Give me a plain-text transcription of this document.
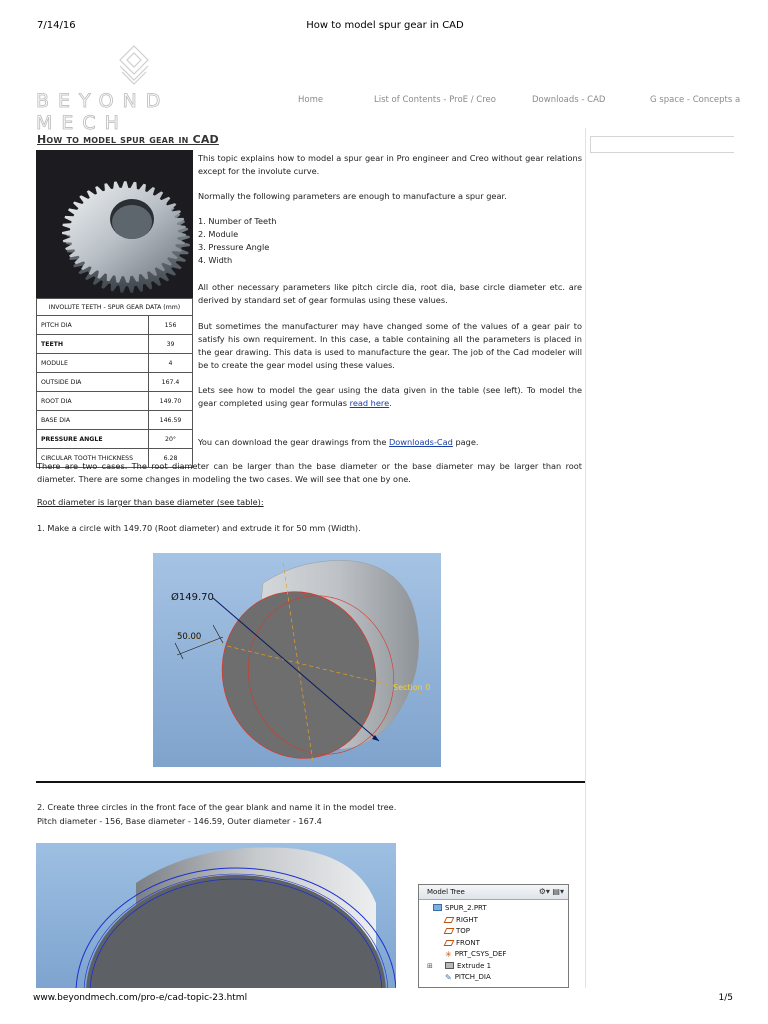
7/14/16	How to model spur gear in CAD
BEYOND MECH
Home	List of Contents - ProE / Creo	Downloads - CAD	G space - Concepts a
How to model spur gear in CAD
INVOLUTE TEETH - SPUR GEAR DATA (mm)	
PITCH DIA	156
TEETH	39
MODULE	4
OUTSIDE DIA	167.4
ROOT DIA	149.70
BASE DIA	146.59
PRESSURE ANGLE	20°
CIRCULAR TOOTH THICKNESS	6.28
This topic explains how to model a spur gear in Pro engineer and Creo without gear relations except for the involute curve.
Normally the following parameters are enough to manufacture a spur gear.
1. Number of Teeth
2. Module
3. Pressure Angle
4. Width
All other necessary parameters like pitch circle dia, root dia, base circle diameter etc. are derived by standard set of gear formulas using these values.
But sometimes the manufacturer may have changed some of the values of a gear pair to satisfy his own requirement. In this case, a table containing all the parameters is placed in the gear drawing. This data is used to manufacture the gear. The job of the Cad modeler will be to create the gear model using these values.
Lets see how to model the gear using the data given in the table (see left). To model the gear completed using gear formulas read here.
You can download the gear drawings from the Downloads-Cad page.
There are two cases. The root diameter can be larger than the base diameter or the base diameter may be larger than root diameter. There are some changes in modeling the two cases. We will see that one by one.
Root diameter is larger than base diameter (see table):
1. Make a circle with 149.70 (Root diameter) and extrude it for 50 mm (Width).
Ø149.70
50.00
Section 0
2. Create three circles in the front face of the gear blank and name it in the model tree.
Pitch diameter - 156, Base diameter - 146.59, Outer diameter - 167.4
Model Tree	⚙▾ ▤▾
SPUR_2.PRT
RIGHT
TOP
FRONT
✳ PRT_CSYS_DEF
⊞	Extrude 1
✎ PITCH_DIA
www.beyondmech.com/pro-e/cad-topic-23.html	1/5
